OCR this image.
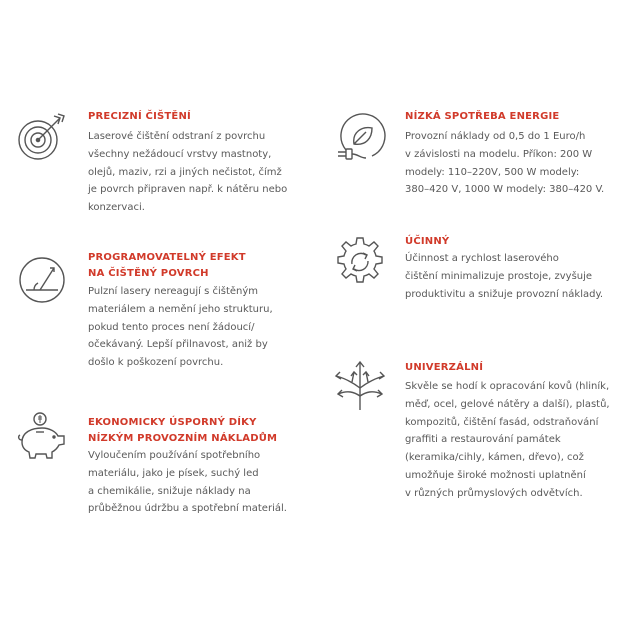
PRECIZNÍ ČIŠTĚNÍ

Laserové čištění odstraní z povrchu
všechny nežádoucí vrstvy mastnoty,
olejů, maziv, rzi a jiných nečistot, čímž
je povrch připraven např. k nátěru nebo
konzervaci.

NÍZKÁ SPOTŘEBA ENERGIE

Provozní náklady od 0,5 do 1 Euro/h
v závislosti na modelu. Příkon: 200 W
modely: 110–220V, 500 W modely:
380–420 V, 1000 W modely: 380–420 V.

PROGRAMOVATELNÝ EFEKT
NA ČIŠTĚNÝ POVRCH

Pulzní lasery nereagují s čištěným
materiálem a nemění jeho strukturu,
pokud tento proces není žádoucí/
očekávaný. Lepší přilnavost, aniž by
došlo k poškození povrchu.

ÚČINNÝ

Účinnost a rychlost laserového
čištění minimalizuje prostoje, zvyšuje
produktivitu a snižuje provozní náklady.

EKONOMICKY ÚSPORNÝ DÍKY
NÍZKÝM PROVOZNÍM NÁKLADŮM

Vyloučením používání spotřebního
materiálu, jako je písek, suchý led
a chemikálie, snižuje náklady na
průběžnou údržbu a spotřební materiál.

UNIVERZÁLNÍ

Skvěle se hodí k opracování kovů (hliník,
měď, ocel, gelové nátěry a další), plastů,
kompozitů, čištění fasád, odstraňování
graffiti a restaurování památek
(keramika/cihly, kámen, dřevo), což
umožňuje široké možnosti uplatnění
v různých průmyslových odvětvích.
